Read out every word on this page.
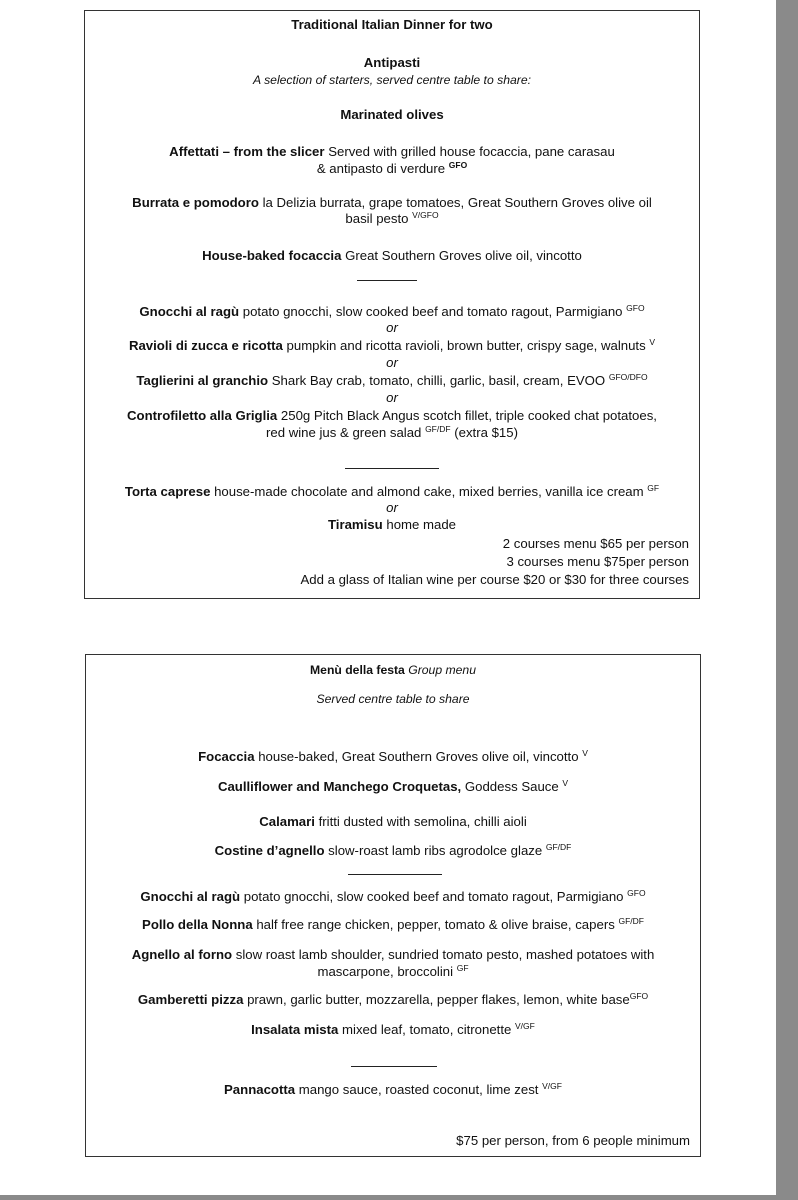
Traditional Italian Dinner for two
Antipasti
A selection of starters, served centre table to share:
Marinated olives
Affettati – from the slicer Served with grilled house focaccia, pane carasau
& antipasto di verdure $^{GFO}$
Burrata e pomodoro la Delizia burrata, grape tomatoes, Great Southern Groves olive oil
basil pesto $^{V/GFO}$
House-baked focaccia Great Southern Groves olive oil, vincotto
Gnocchi al ragù potato gnocchi, slow cooked beef and tomato ragout, Parmigiano $^{GFO}$
or
Ravioli di zucca e ricotta pumpkin and ricotta ravioli, brown butter, crispy sage, walnuts $^V$
or
Taglierini al granchio Shark Bay crab, tomato, chilli, garlic, basil, cream, EVOO $^{GFO/DFO}$
or
Controfiletto alla Griglia 250g Pitch Black Angus scotch fillet, triple cooked chat potatoes,
red wine jus & green salad $^{GF/DF}$ (extra $15)
Torta caprese house-made chocolate and almond cake, mixed berries, vanilla ice cream $^{GF}$
or
Tiramisu home made
2 courses menu $65 per person
3 courses menu $75per person
Add a glass of Italian wine per course $20 or $30 for three courses
Menù della festa Group menu
Served centre table to share
Focaccia house-baked, Great Southern Groves olive oil, vincotto $^V$
Caulliflower and Manchego Croquetas, Goddess Sauce $^V$
Calamari fritti dusted with semolina, chilli aioli
Costine d’agnello slow-roast lamb ribs agrodolce glaze $^{GF/DF}$
Gnocchi al ragù potato gnocchi, slow cooked beef and tomato ragout, Parmigiano $^{GFO}$
Pollo della Nonna half free range chicken, pepper, tomato & olive braise, capers $^{GF/DF}$
Agnello al forno slow roast lamb shoulder, sundried tomato pesto, mashed potatoes with
mascarpone, broccolini $^{GF}$
Gamberetti pizza prawn, garlic butter, mozzarella, pepper flakes, lemon, white base$^{GFO}$
Insalata mista mixed leaf, tomato, citronette $^{V/GF}$
Pannacotta mango sauce, roasted coconut, lime zest $^{V/GF}$
$75 per person, from 6 people minimum
